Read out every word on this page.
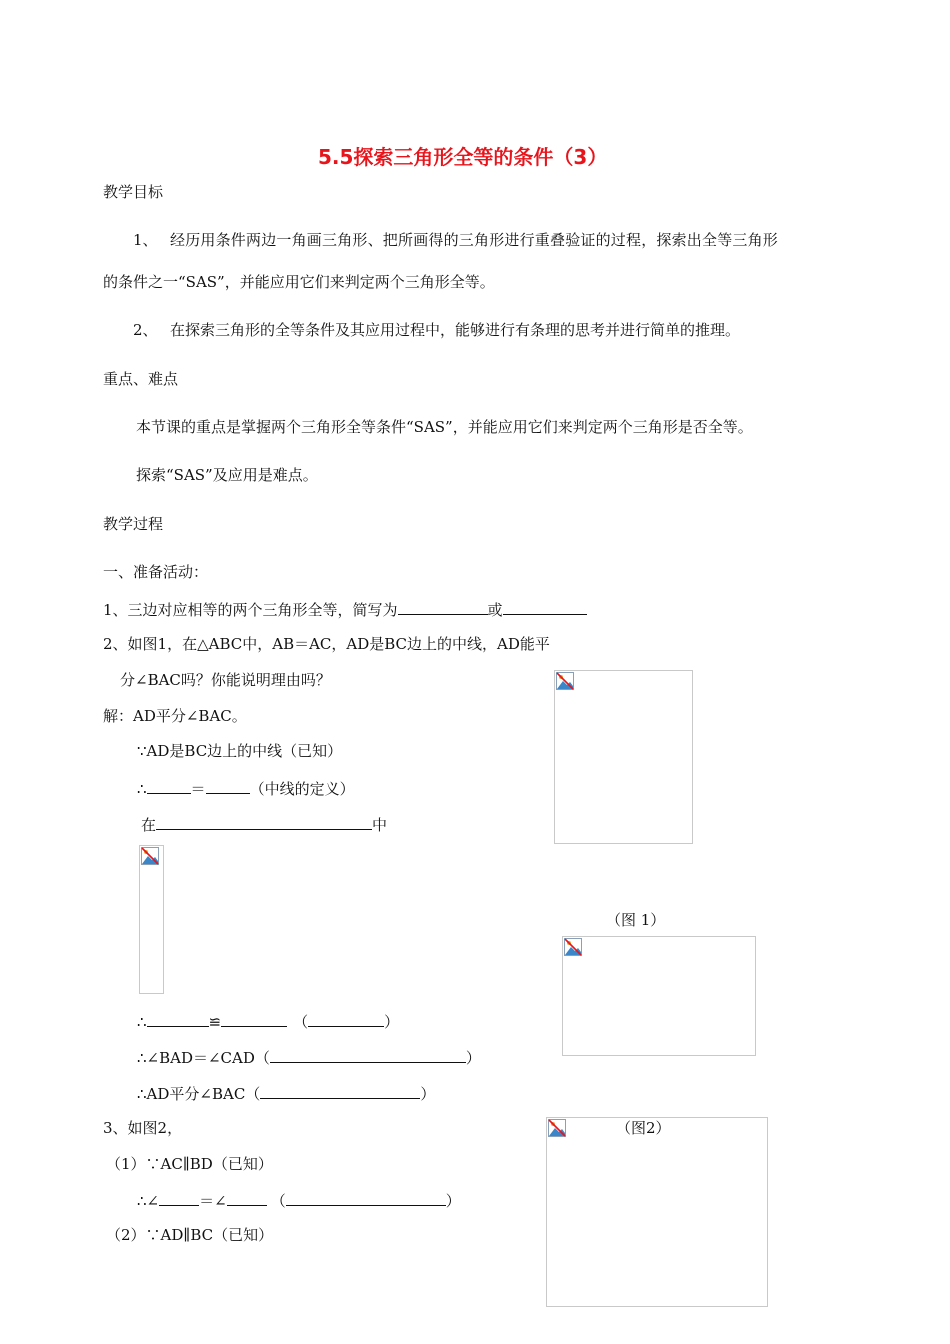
5.5探索三角形全等的条件（3）
教学目标
1、 经历用条件两边一角画三角形、把所画得的三角形进行重叠验证的过程，探索出全等三角形
的条件之一“SAS”，并能应用它们来判定两个三角形全等。
2、 在探索三角形的全等条件及其应用过程中，能够进行有条理的思考并进行简单的推理。
重点、难点
本节课的重点是掌握两个三角形全等条件“SAS”，并能应用它们来判定两个三角形是否全等。
探索“SAS”及应用是难点。
教学过程
一、准备活动：
1、三边对应相等的两个三角形全等，简写为	或
2、如图1，在△ABC中，AB＝AC，AD是BC边上的中线，AD能平
分∠BAC吗？你能说明理由吗？
解：AD平分∠BAC。
∵AD是BC边上的中线（已知）
∴	＝	（中线的定义）
在	中
∴	≌	（	）
∴∠BAD＝∠CAD（	）
∴AD平分∠BAC（	）
（图 1）
3、如图2，
（1）∵AC∥BD（已知）
∴∠	＝∠	（	）
（2）∵AD∥BC（已知）
（图2）
